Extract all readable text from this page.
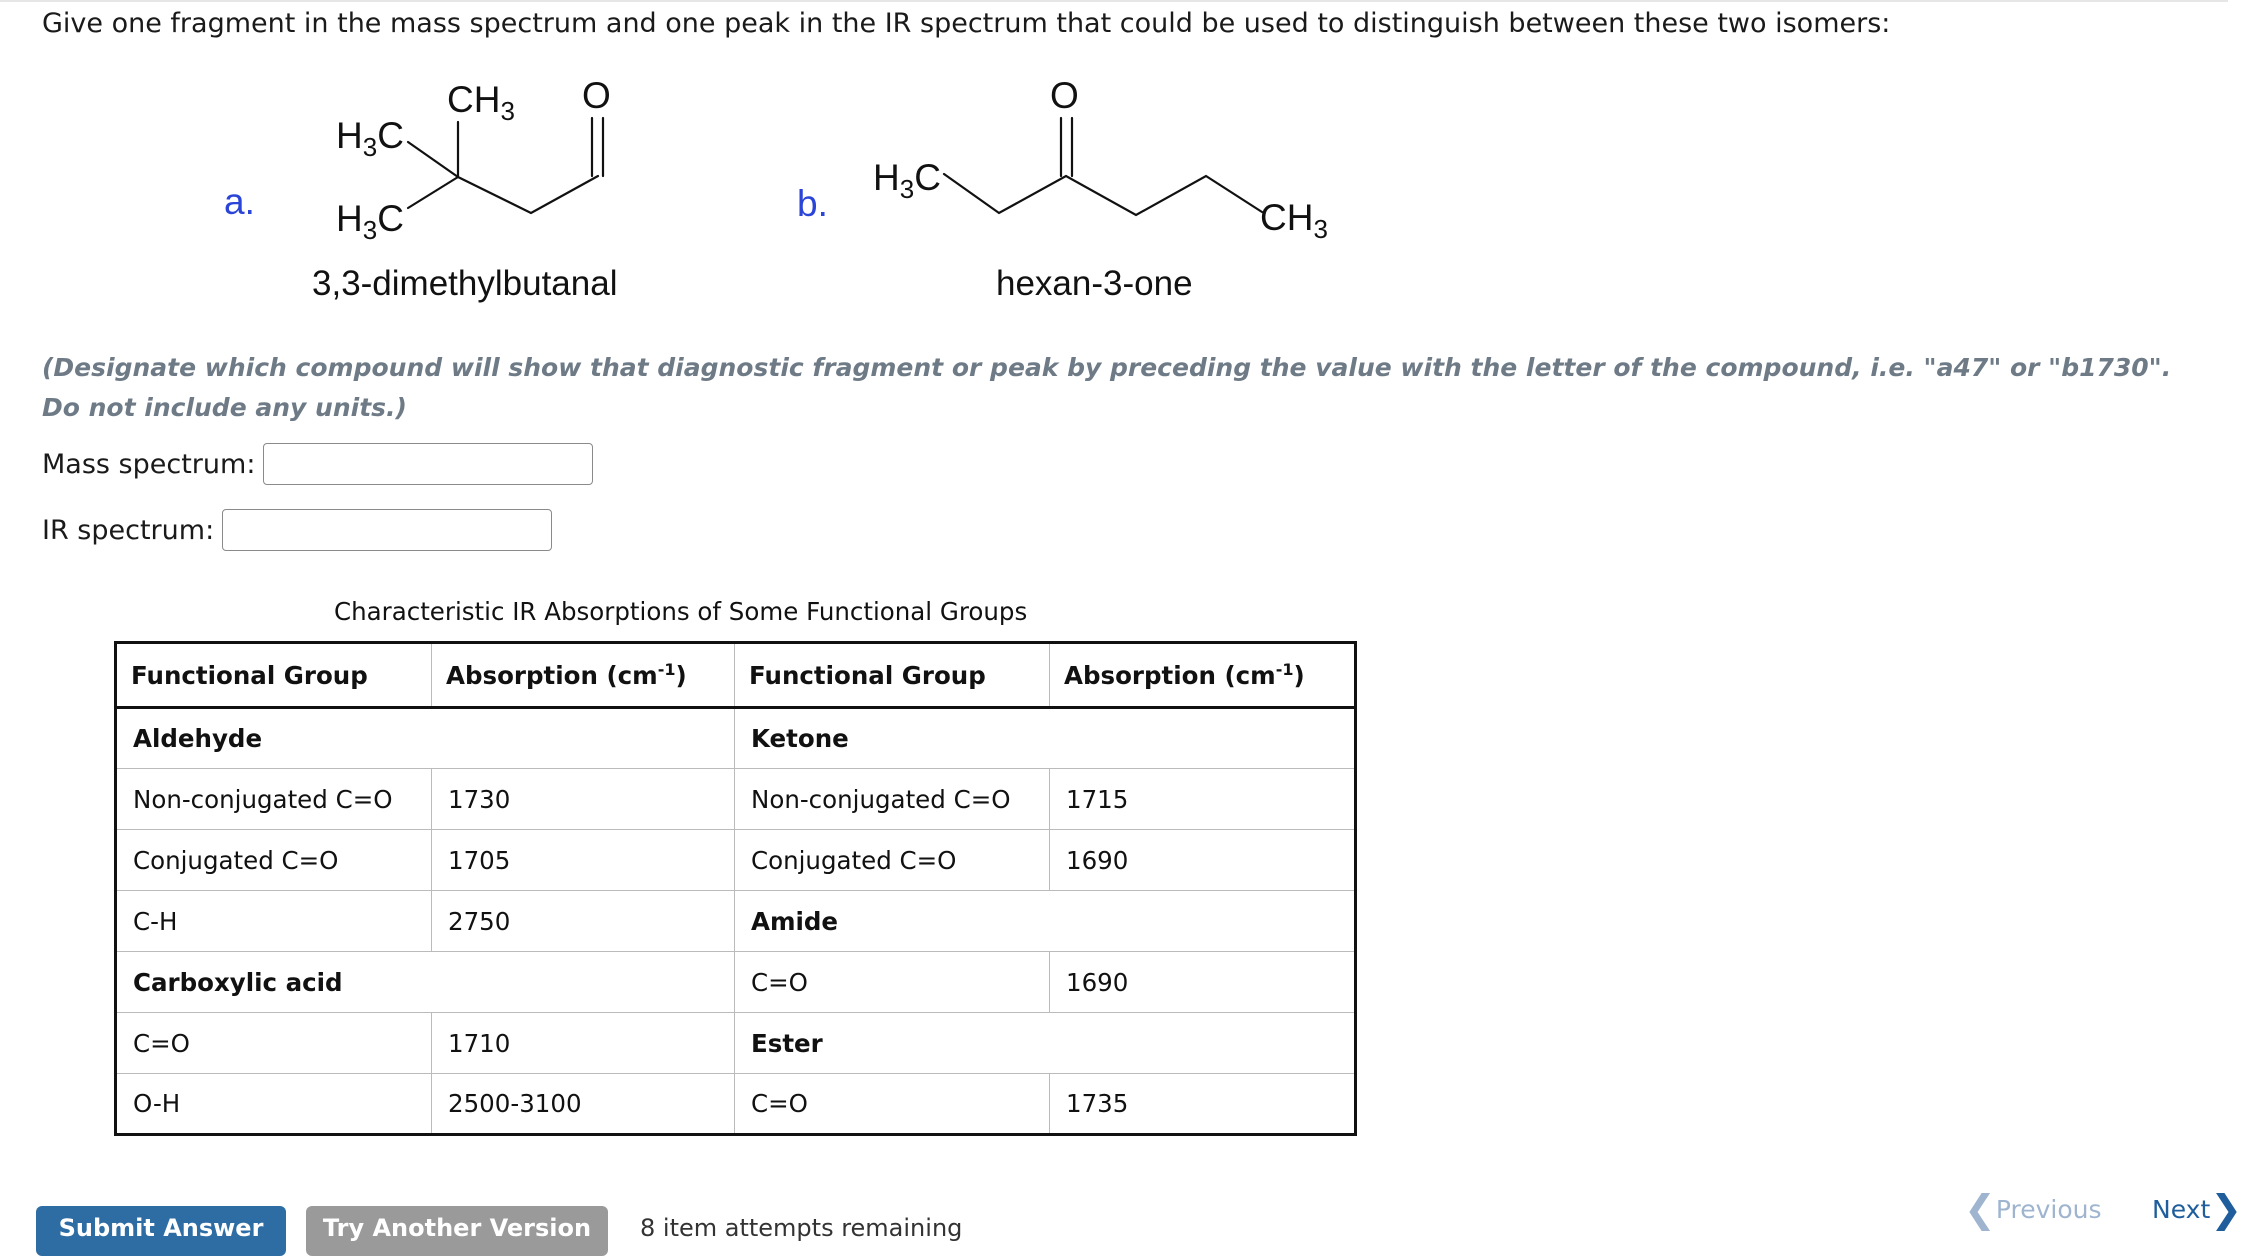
Give one fragment in the mass spectrum and one peak in the IR spectrum that could be used to distinguish between these two isomers:
a.
$CH_3$
$H_3C$
$H_3C$
O
3,3-dimethylbutanal
b.
$H_3C$
$CH_3$
O
hexan-3-one
(Designate which compound will show that diagnostic fragment or peak by preceding the value with the letter of the compound, i.e. "a47" or "b1730". Do not include any units.)
Mass spectrum:
IR spectrum:
Characteristic IR Absorptions of Some Functional Groups
Functional Group	Absorption $(cm^{-1})$	Functional Group	Absorption $(cm^{-1})$
Aldehyde		Ketone	
Non-conjugated C=O	1730	Non-conjugated C=O	1715
Conjugated C=O	1705	Conjugated C=O	1690
C-H	2750	Amide	
Carboxylic acid		C=O	1690
C=O	1710	Ester	
O-H	2500-3100	C=O	1735
Submit Answer	Try Another Version	8 item attempts remaining	❮ Previous Next ❯
